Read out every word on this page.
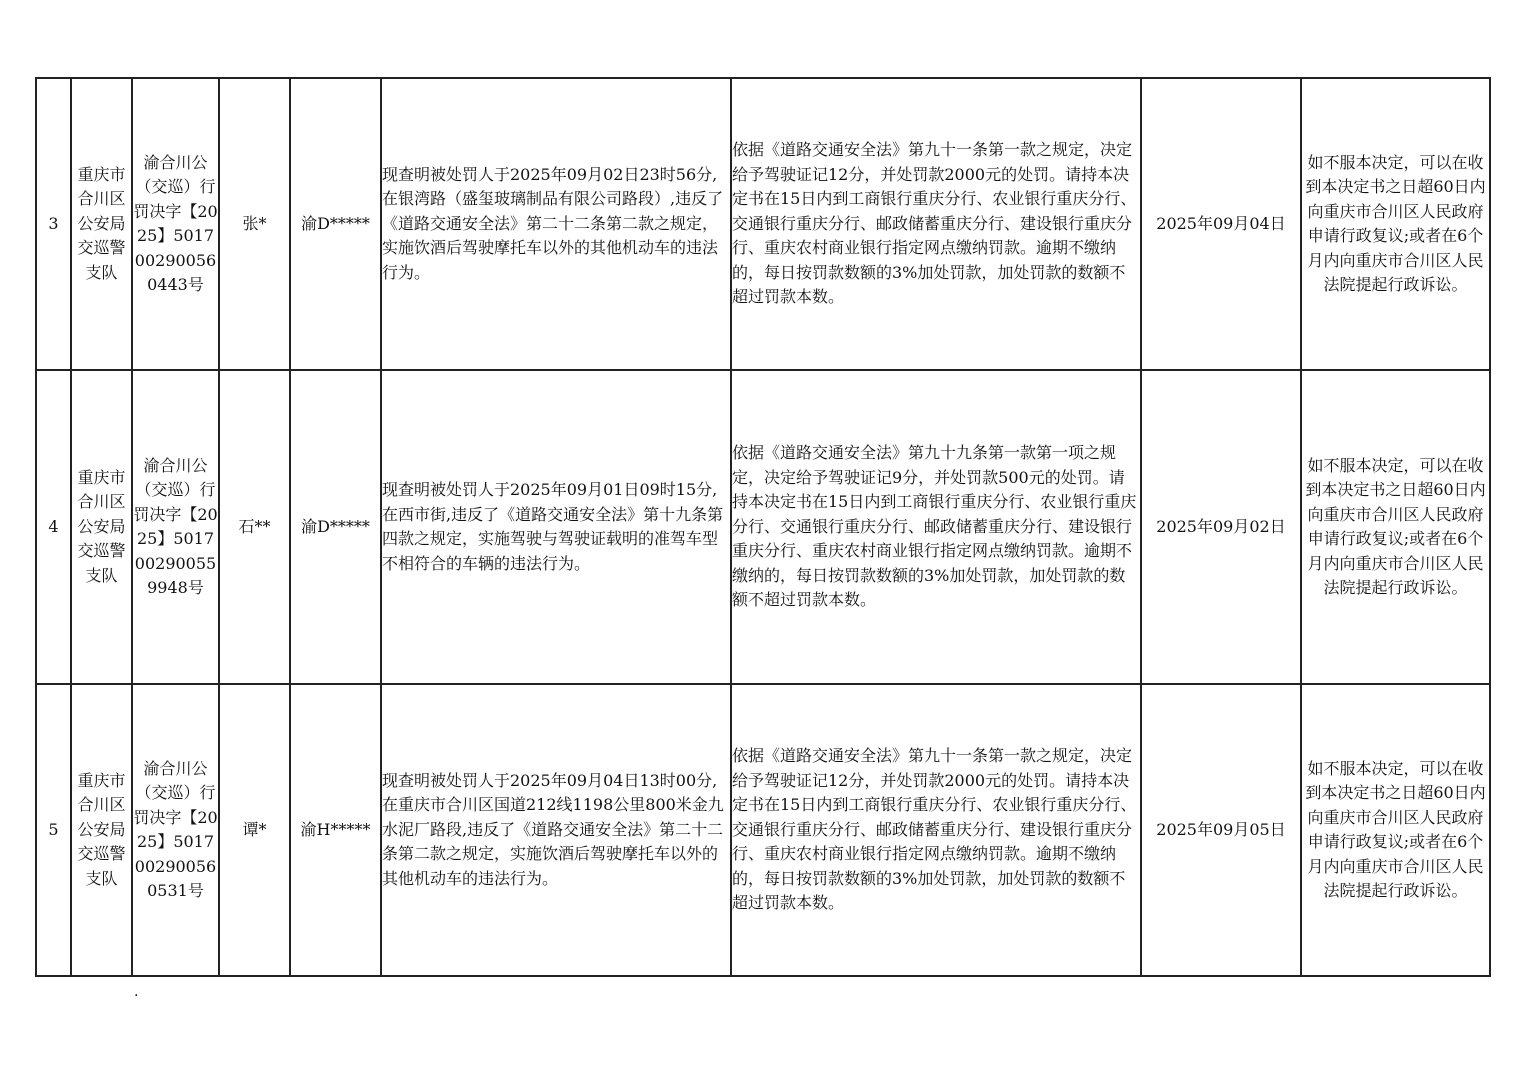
3	重庆市合川区公安局交巡警支队	渝合川公（交巡）行罚决字【2025】5017002900560443号	张*	渝D*****	现查明被处罚人于2025年09月02日23时56分,在银湾路（盛玺玻璃制品有限公司路段）,违反了《道路交通安全法》第二十二条第二款之规定，实施饮酒后驾驶摩托车以外的其他机动车的违法行为。	依据《道路交通安全法》第九十一条第一款之规定，决定给予驾驶证记12分，并处罚款2000元的处罚。请持本决定书在15日内到工商银行重庆分行、农业银行重庆分行、交通银行重庆分行、邮政储蓄重庆分行、建设银行重庆分行、重庆农村商业银行指定网点缴纳罚款。逾期不缴纳的，每日按罚款数额的3%加处罚款，加处罚款的数额不超过罚款本数。	2025年09月04日	如不服本决定，可以在收到本决定书之日超60日内向重庆市合川区人民政府申请行政复议;或者在6个月内向重庆市合川区人民法院提起行政诉讼。
4	重庆市合川区公安局交巡警支队	渝合川公（交巡）行罚决字【2025】5017002900559948号	石**	渝D*****	现查明被处罚人于2025年09月01日09时15分,在西市街,违反了《道路交通安全法》第十九条第四款之规定，实施驾驶与驾驶证载明的准驾车型不相符合的车辆的违法行为。	依据《道路交通安全法》第九十九条第一款第一项之规定，决定给予驾驶证记9分，并处罚款500元的处罚。请持本决定书在15日内到工商银行重庆分行、农业银行重庆分行、交通银行重庆分行、邮政储蓄重庆分行、建设银行重庆分行、重庆农村商业银行指定网点缴纳罚款。逾期不缴纳的，每日按罚款数额的3%加处罚款，加处罚款的数额不超过罚款本数。	2025年09月02日	如不服本决定，可以在收到本决定书之日超60日内向重庆市合川区人民政府申请行政复议;或者在6个月内向重庆市合川区人民法院提起行政诉讼。
5	重庆市合川区公安局交巡警支队	渝合川公（交巡）行罚决字【2025】5017002900560531号	谭*	渝H*****	现查明被处罚人于2025年09月04日13时00分,在重庆市合川区国道212线1198公里800米金九水泥厂路段,违反了《道路交通安全法》第二十二条第二款之规定，实施饮酒后驾驶摩托车以外的其他机动车的违法行为。	依据《道路交通安全法》第九十一条第一款之规定，决定给予驾驶证记12分，并处罚款2000元的处罚。请持本决定书在15日内到工商银行重庆分行、农业银行重庆分行、交通银行重庆分行、邮政储蓄重庆分行、建设银行重庆分行、重庆农村商业银行指定网点缴纳罚款。逾期不缴纳的，每日按罚款数额的3%加处罚款，加处罚款的数额不超过罚款本数。	2025年09月05日	如不服本决定，可以在收到本决定书之日超60日内向重庆市合川区人民政府申请行政复议;或者在6个月内向重庆市合川区人民法院提起行政诉讼。
.
